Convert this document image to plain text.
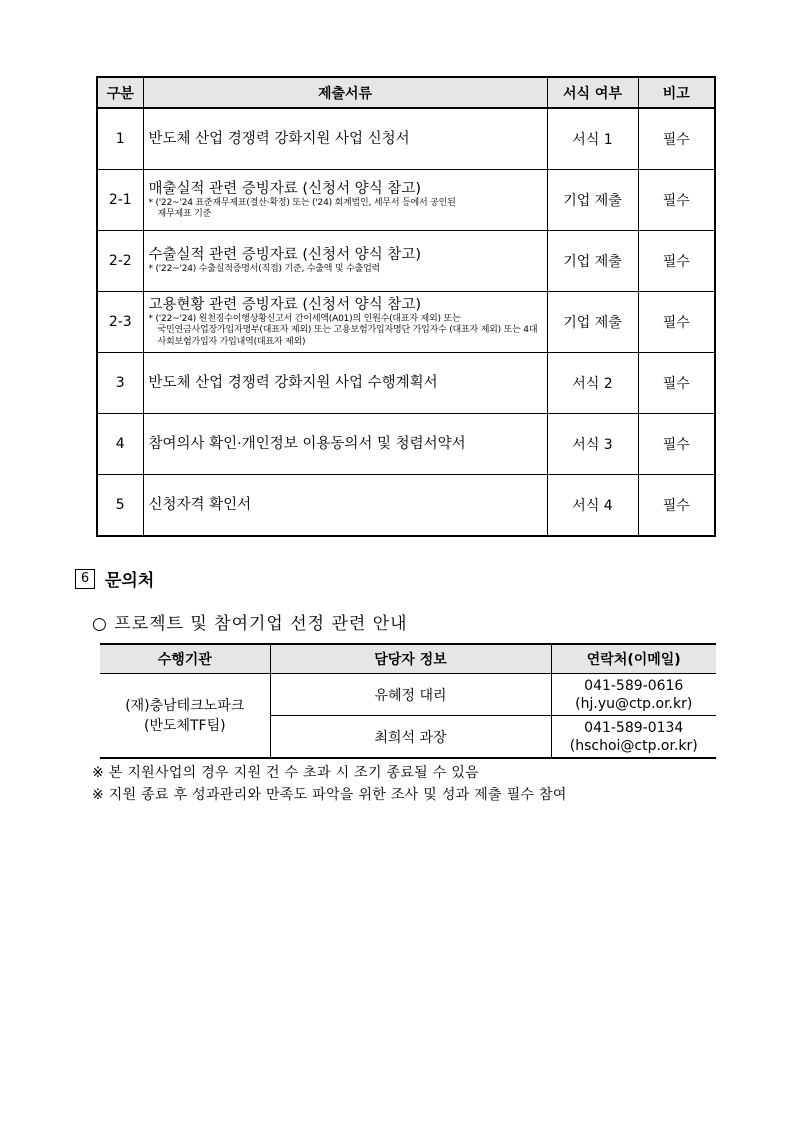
구분	제출서류	서식 여부	비고
1	반도체 산업 경쟁력 강화지원 사업 신청서	서식 1	필수
2-1	매출실적 관련 증빙자료 (신청서 양식 참고)
* ('22~'24 표준재무제표(결산·확정) 또는 ('24) 회계법인, 세무서 등에서 공인된
재무제표 기준	기업 제출	필수
2-2	수출실적 관련 증빙자료 (신청서 양식 참고)
* ('22~'24) 수출실적증명서(직접) 기준, 수출액 및 수출업력	기업 제출	필수
2-3	고용현황 관련 증빙자료 (신청서 양식 참고)
* ('22~'24) 원천징수이행상황신고서 간이세액(A01)의 인원수(대표자 제외) 또는
국민연금사업장가입자명부(대표자 제외) 또는 고용보험가입자명단 가입자수 (대표자 제외) 또는 4대 사회보험가입자 가입내역(대표자 제외)	기업 제출	필수
3	반도체 산업 경쟁력 강화지원 사업 수행계획서	서식 2	필수
4	참여의사 확인·개인정보 이용동의서 및 청렴서약서	서식 3	필수
5	신청자격 확인서	서식 4	필수
6 문의처
○ 프로젝트 및 참여기업 선정 관련 안내
수행기관	담당자 정보	연락처(이메일)
(재)충남테크노파크
(반도체TF팀)	유혜정 대리	041-589-0616
(hj.yu@ctp.or.kr)
	최희석 과장	041-589-0134
(hschoi@ctp.or.kr)
※ 본 지원사업의 경우 지원 건 수 초과 시 조기 종료될 수 있음
※ 지원 종료 후 성과관리와 만족도 파악을 위한 조사 및 성과 제출 필수 참여
